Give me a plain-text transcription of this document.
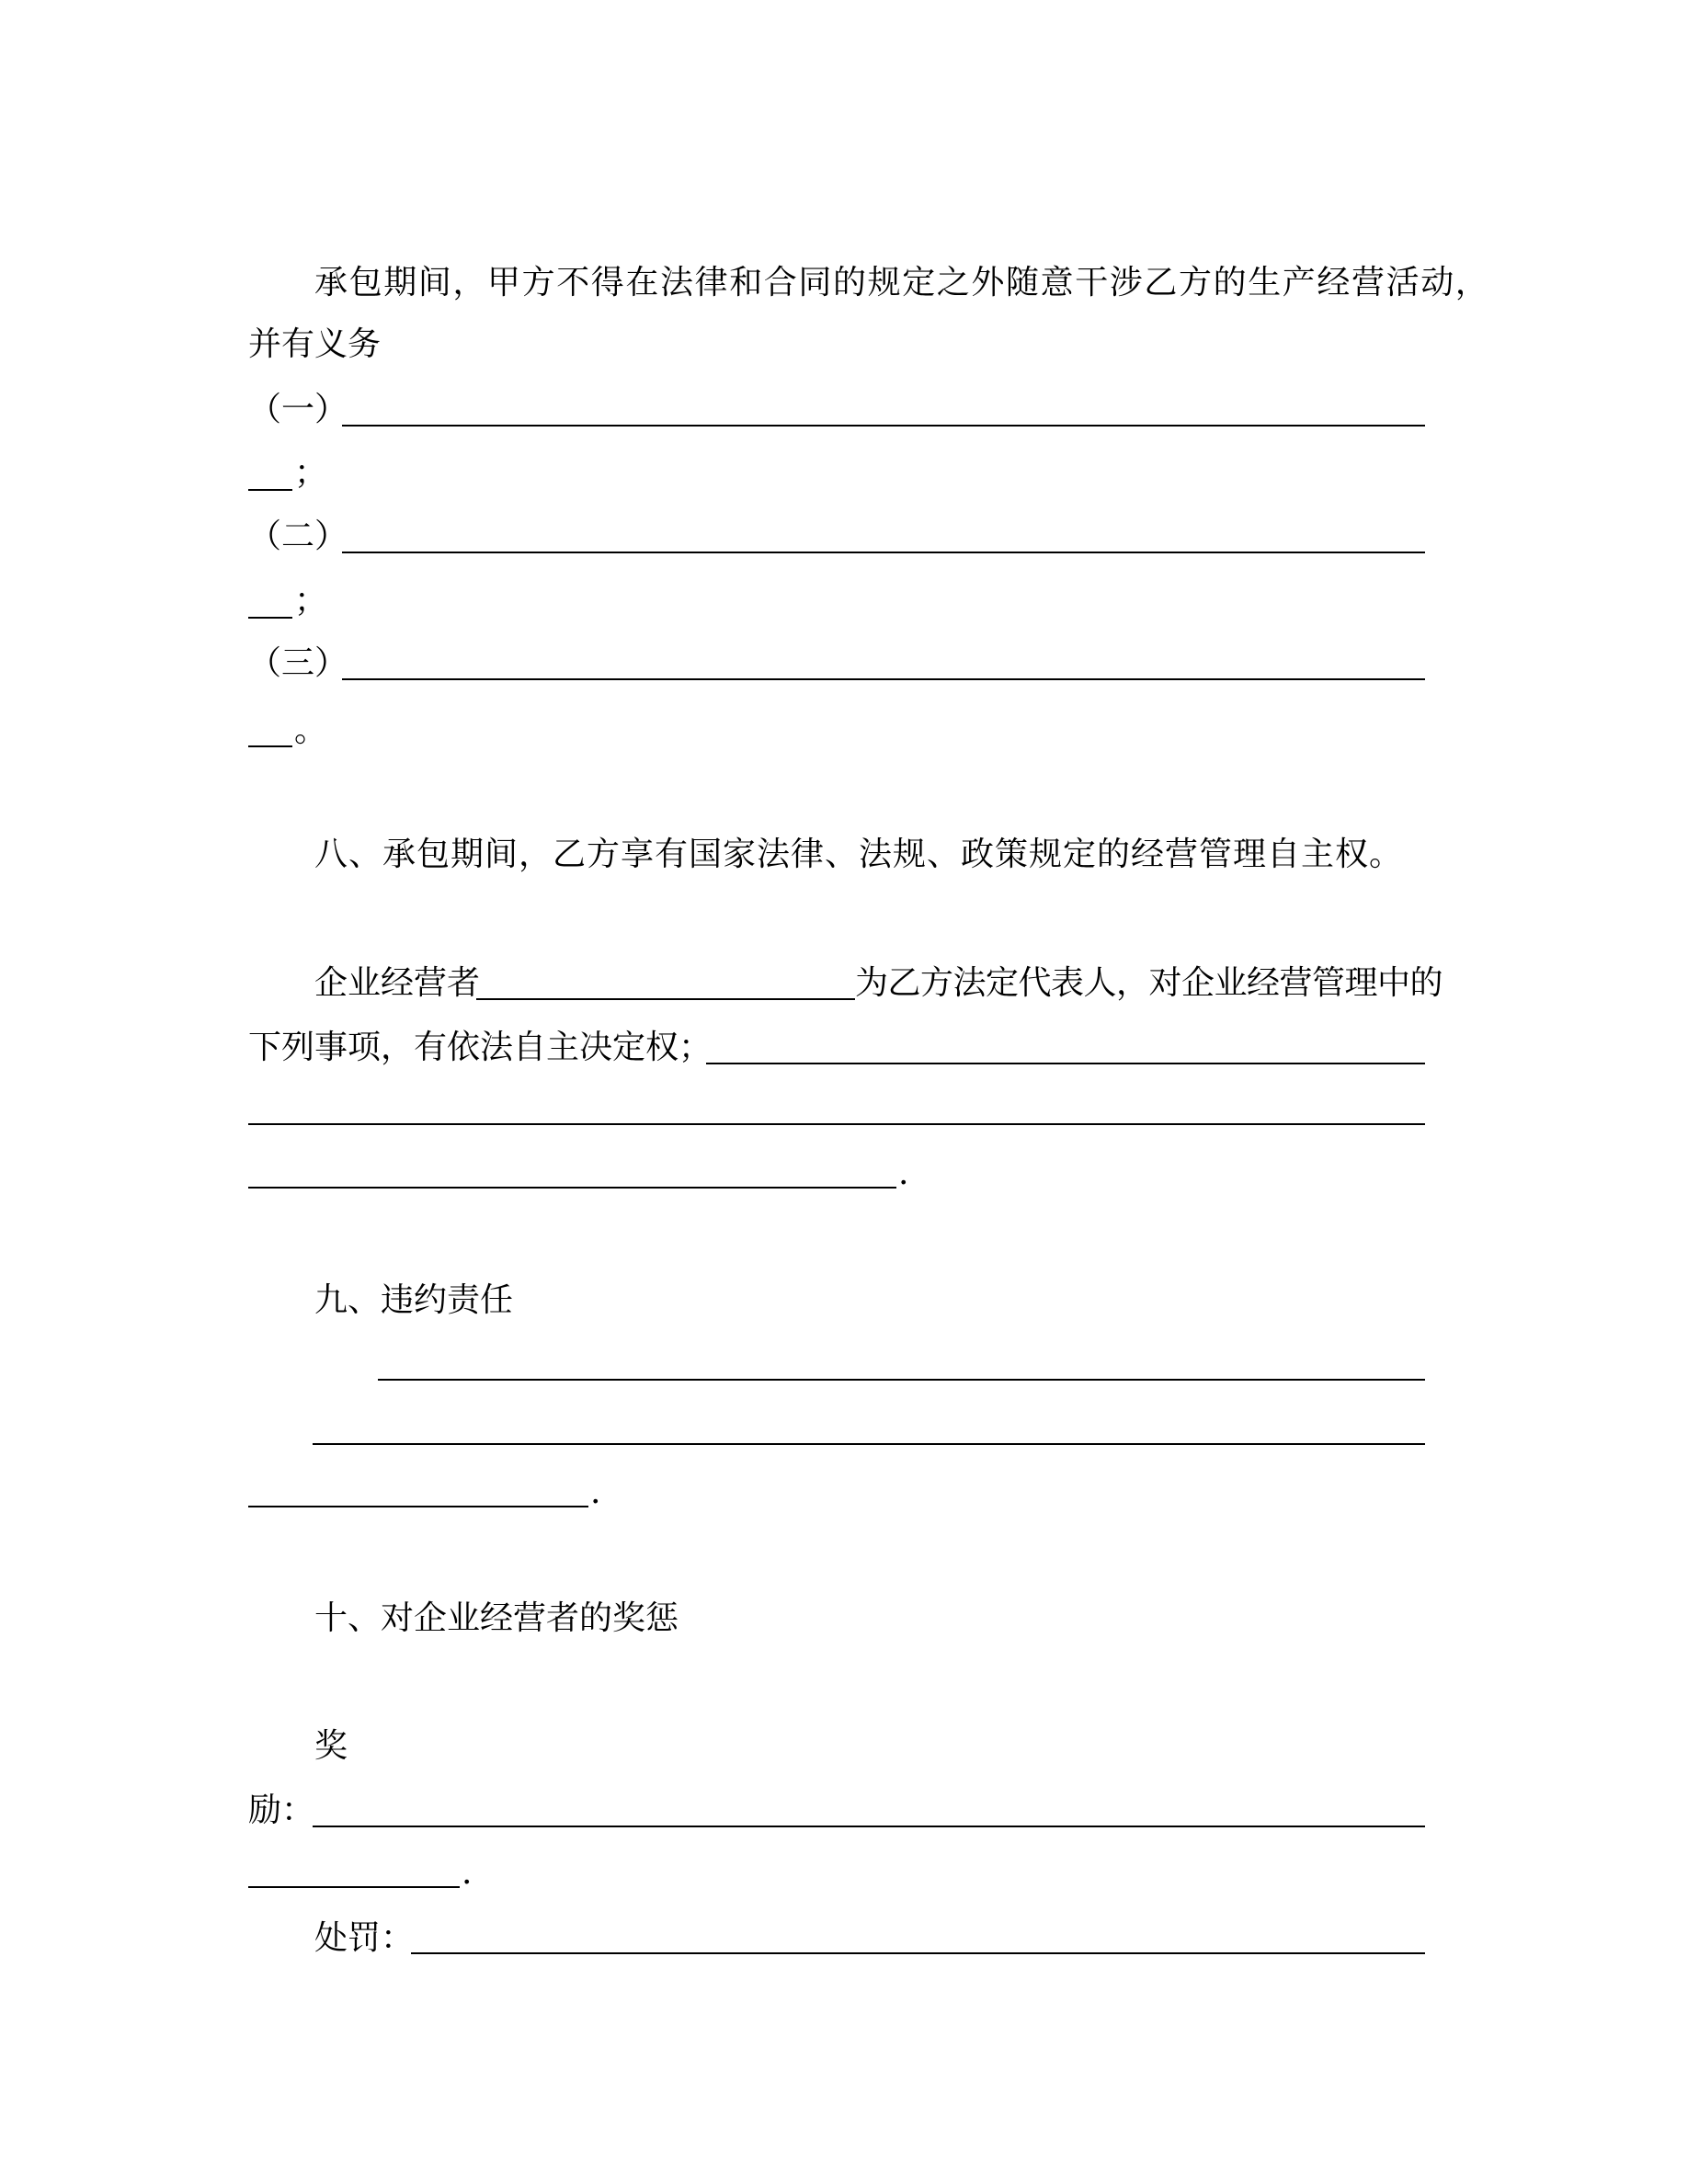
承包期间，甲方不得在法律和合同的规定之外随意干涉乙方的生产经营活动，
并有义务
（一）
；
（二）
；
（三）
。
八、承包期间，乙方享有国家法律、法规、政策规定的经营管理自主权。
企业经营者	为乙方法定代表人，对企业经营管理中的
下列事项，有依法自主决定权；
.
九、违约责任
.
十、对企业经营者的奖惩
奖
励：
.
处罚：
